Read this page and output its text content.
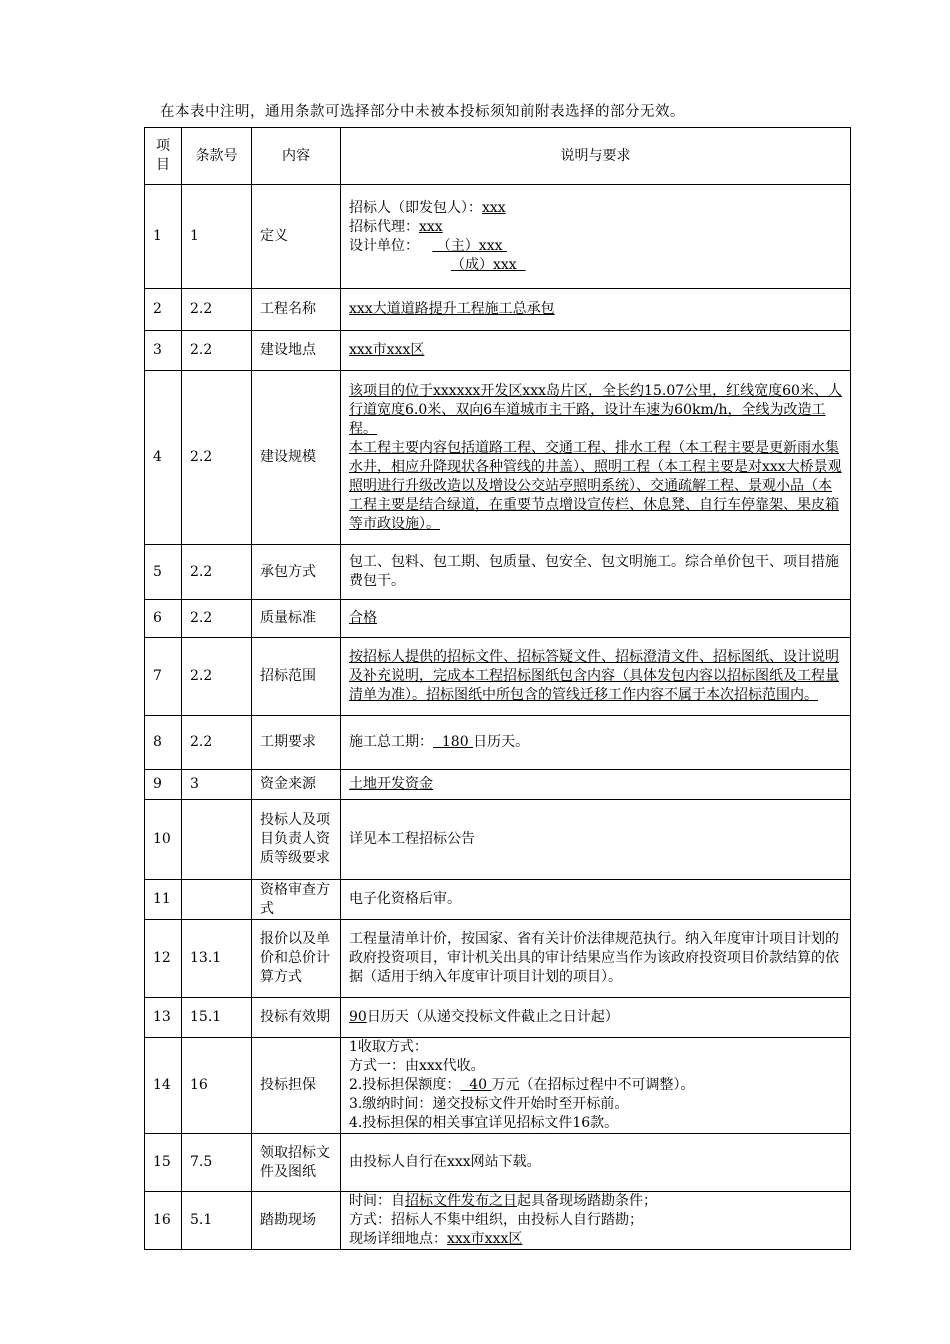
在本表中注明，通用条款可选择部分中未被本投标须知前附表选择的部分无效。
项目	条款号	内容	说明与要求
1	1	定义	招标人（即发包人）：xxx
招标代理：xxx
设计单位：    （主）xxx
（成）xxx

2	2.2	工程名称	xxx大道道路提升工程施工总承包
3	2.2	建设地点	xxx市xxx区
4	2.2	建设规模	该项目的位于xxxxxx开发区xxx岛片区，全长约15.07公里，红线宽度60米、人行道宽度6.0米、双向6车道城市主干路，设计车速为60km/h，全线为改造工程。
本工程主要内容包括道路工程、交通工程、排水工程（本工程主要是更新雨水集水井，相应升降现状各种管线的井盖）、照明工程（本工程主要是对xxx大桥景观照明进行升级改造以及增设公交站亭照明系统）、交通疏解工程、景观小品（本工程主要是结合绿道，在重要节点增设宣传栏、休息凳、自行车停靠架、果皮箱等市政设施）。

5	2.2	承包方式	包工、包料、包工期、包质量、包安全、包文明施工。综合单价包干、项目措施费包干。
6	2.2	质量标准	合格
7	2.2	招标范围	按招标人提供的招标文件、招标答疑文件、招标澄清文件、招标图纸、设计说明及补充说明，完成本工程招标图纸包含内容（具体发包内容以招标图纸及工程量清单为准）。招标图纸中所包含的管线迁移工作内容不属于本次招标范围内。
8	2.2	工期要求	施工总工期：  180 日历天。
9	3	资金来源	土地开发资金
10		投标人及项目负责人资质等级要求	详见本工程招标公告
11		资格审查方式	电子化资格后审。
12	13.1	报价以及单价和总价计算方式	工程量清单计价，按国家、省有关计价法律规范执行。纳入年度审计项目计划的政府投资项目，审计机关出具的审计结果应当作为该政府投资项目价款结算的依据（适用于纳入年度审计项目计划的项目）。
13	15.1	投标有效期	90日历天（从递交投标文件截止之日计起）
14	16	投标担保	1收取方式：
方式一：由xxx代收。
2.投标担保额度：  40 万元（在招标过程中不可调整）。
3.缴纳时间：递交投标文件开始时至开标前。
4.投标担保的相关事宜详见招标文件16款。

15	7.5	领取招标文件及图纸	由投标人自行在xxx网站下载。
16	5.1	踏勘现场	时间：自招标文件发布之日起具备现场踏勘条件；
方式：招标人不集中组织，由投标人自行踏勘；
现场详细地点：xxx市xxx区
